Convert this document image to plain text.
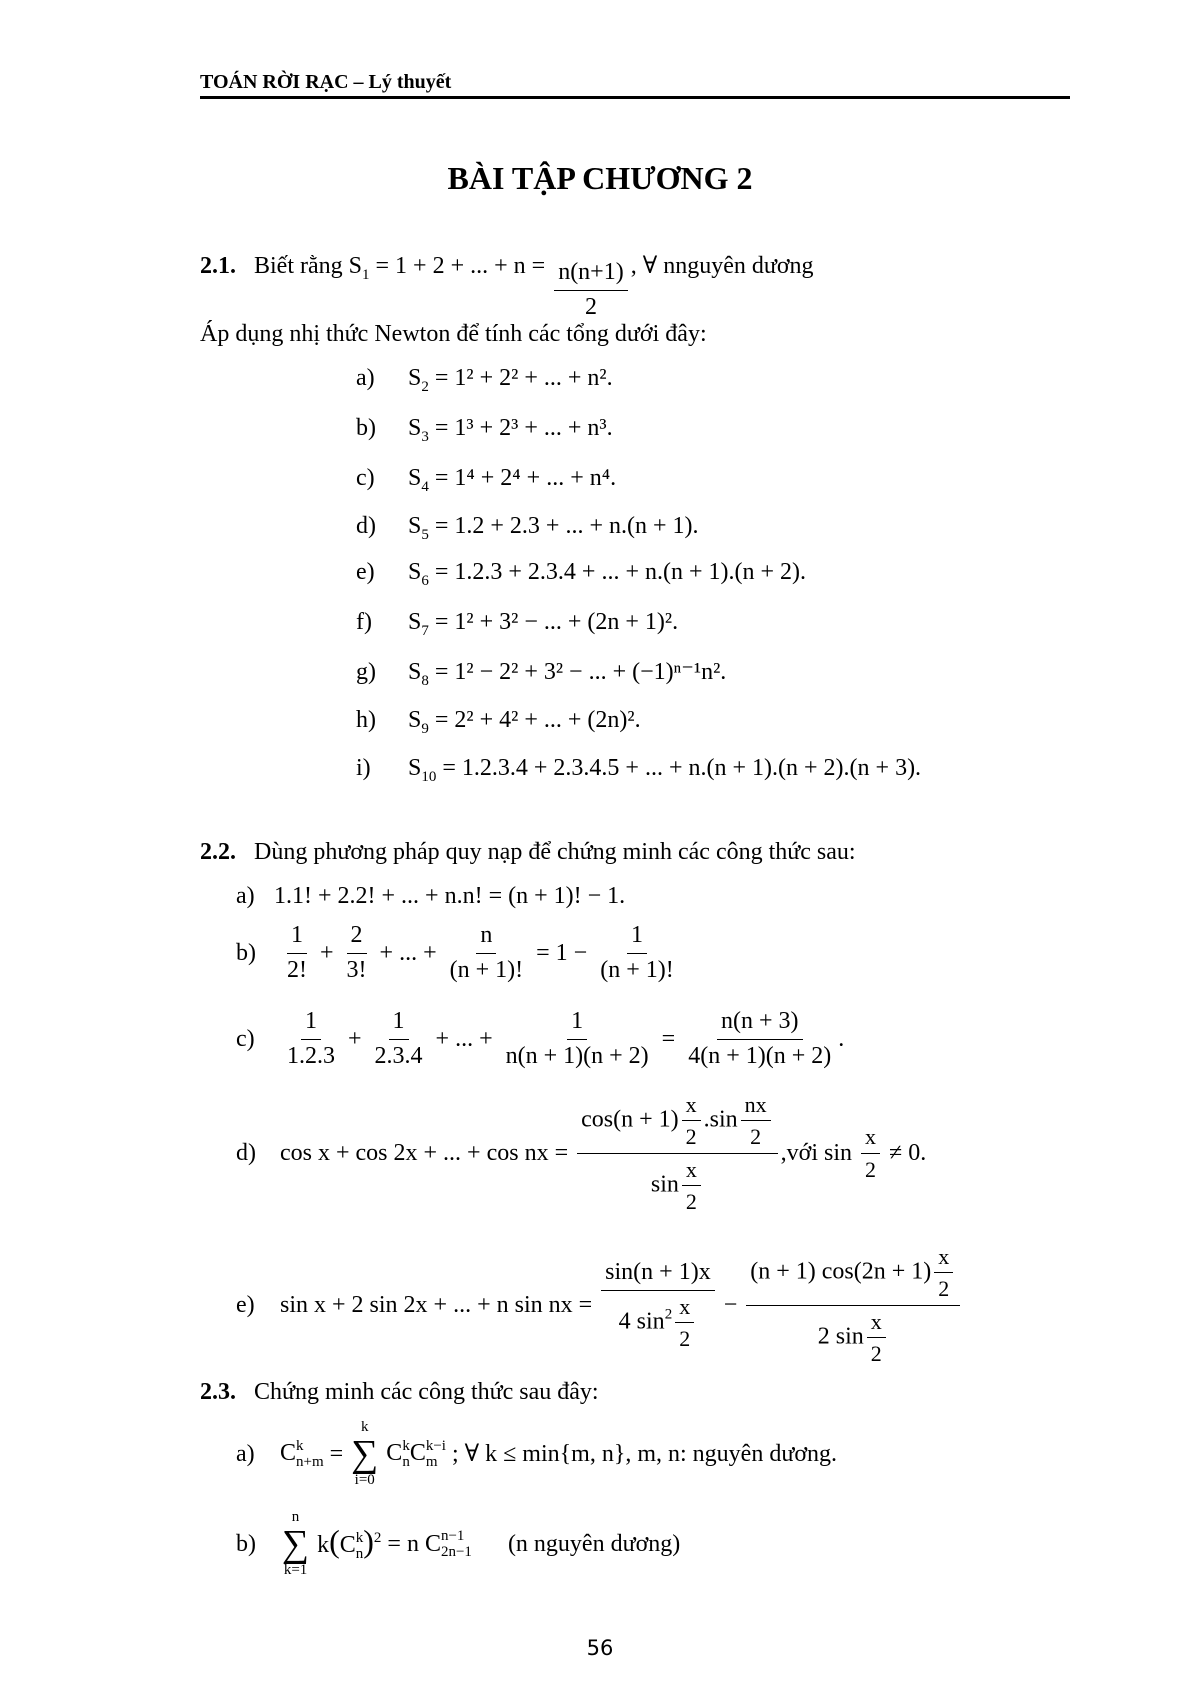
TOÁN RỜI RẠC – Lý thuyết
BÀI TẬP CHƯƠNG 2
2.1. Biết rằng $S_1 = 1 + 2$ + ... + $n = \frac{n(n+1)}{2}$ , ∀ nnguyên dương
Áp dụng nhị thức Newton để tính các tổng dưới đây:
a) $S_2 = 1^2 + 2^2$ + ... + n².
b) $S_3 = 1^3 + 2^3$ + ... + n³.
c) $S_4 = 1^4 + 2^4$ + ... + n⁴.
d) $S_5 = 1.2 + 2.3$ + ... + n.(n + 1).
e) $S_6 = 1.2.3 + 2.3.4$ + ... + n.(n + 1).(n + 2).
f) $S_7 = 1^2 + 3^2$ − ... + (2n + 1)².
g) $S_8 = 1^2 - 2^2 + 3^2$ − ... + (−1)ⁿ⁻¹n².
h) $S_9 = 2^2 + 4^2$ + ... + (2n)².
i) $S_{10} = 1.2.3.4 + 2.3.4.5$ + ... + n.(n + 1).(n + 2).(n + 3).
2.2. Dùng phương pháp quy nạp để chứng minh các công thức sau:
a) 1.1! + 2.2! + ... + n.n! = (n + 1)! − 1.
$b) \frac{1}{2!} + \frac{2}{3!}$ + ... + $\frac{n}{(n + 1)!} = 1 - \frac{1}{(n + 1)!}$
$c) \frac{1}{1.2.3} + \frac{1}{2.3.4}$ + ... + $\frac{1}{n(n + 1)(n + 2)} = \frac{n(n + 3)}{4(n + 1)(n + 2)}$ .
d) cos x + cos 2x + ... + cos nx = $\frac{\cos(n + 1) \frac{x}{2} .\sin \frac{nx}{2}}{\sin \frac{x}{2}}$ ,với $\sin \frac{x}{2} \ne 0$.
e) sin x + 2 sin 2x + ... + n sin nx = $\frac{\sin(n + 1)x}{4 \sin^2 \frac{x}{2}} - \frac{(n + 1) \cos(2n + 1) \frac{x}{2}}{2 \sin \frac{x}{2}}$
2.3. Chứng minh các công thức sau đây:
a) C k
n+m =
k
∑
i=0
C k
n C k−i
m ; ∀ k ≤ min{m, n}, m, n: nguyên dương.
b)
n
∑
k=1
k(C k
n )$^2$ = n C n−1
2n−1 (n nguyên dương)
56
